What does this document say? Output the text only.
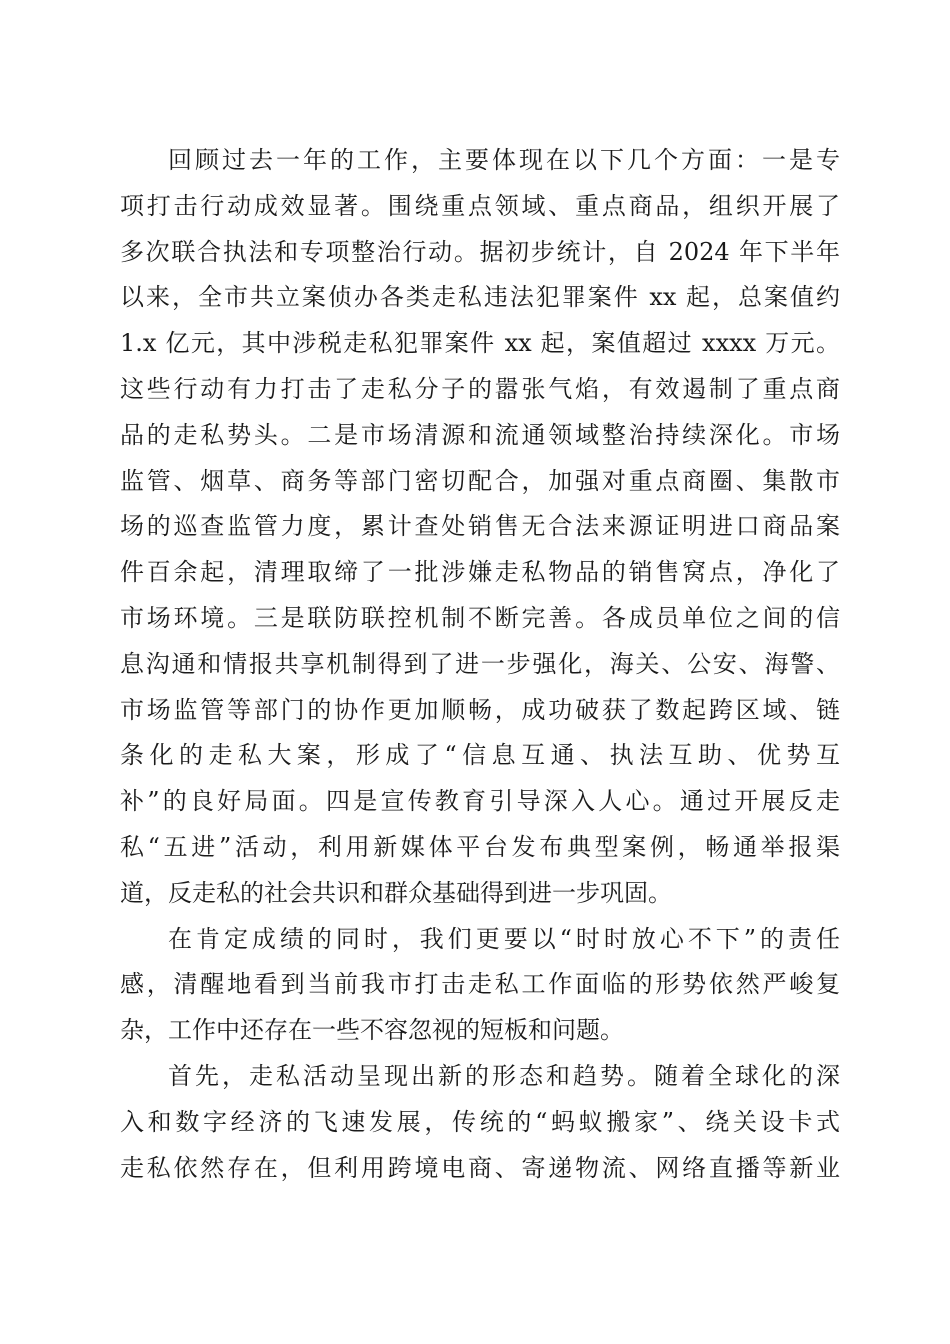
回顾过去一年的工作，主要体现在以下几个方面：一是专
项打击行动成效显著。围绕重点领域、重点商品，组织开展了
多次联合执法和专项整治行动。据初步统计，自 2024 年下半年
以来，全市共立案侦办各类走私违法犯罪案件 xx 起，总案值约
1.x 亿元，其中涉税走私犯罪案件 xx 起，案值超过 xxxx 万元。
这些行动有力打击了走私分子的嚣张气焰，有效遏制了重点商
品的走私势头。二是市场清源和流通领域整治持续深化。市场
监管、烟草、商务等部门密切配合，加强对重点商圈、集散市
场的巡查监管力度，累计查处销售无合法来源证明进口商品案
件百余起，清理取缔了一批涉嫌走私物品的销售窝点，净化了
市场环境。三是联防联控机制不断完善。各成员单位之间的信
息沟通和情报共享机制得到了进一步强化，海关、公安、海警、
市场监管等部门的协作更加顺畅，成功破获了数起跨区域、链
条化的走私大案，形成了“信息互通、执法互助、优势互
补”的良好局面。四是宣传教育引导深入人心。通过开展反走
私“五进”活动，利用新媒体平台发布典型案例，畅通举报渠
道，反走私的社会共识和群众基础得到进一步巩固。
在肯定成绩的同时，我们更要以“时时放心不下”的责任
感，清醒地看到当前我市打击走私工作面临的形势依然严峻复
杂，工作中还存在一些不容忽视的短板和问题。
首先，走私活动呈现出新的形态和趋势。随着全球化的深
入和数字经济的飞速发展，传统的“蚂蚁搬家”、绕关设卡式
走私依然存在，但利用跨境电商、寄递物流、网络直播等新业
